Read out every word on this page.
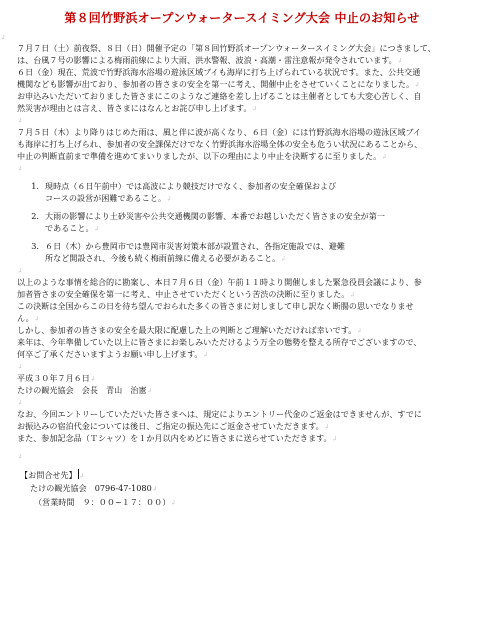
第８回竹野浜オープンウォータースイミング大会 中止のお知らせ
↲
７月７日（土）前夜祭、８日（日）開催予定の「第８回竹野浜オープンウォータースイミング大会」につきまして、
は、台風７号の影響による梅雨前線により大雨、洪水警報、波浪・高潮・雷注意報が発令されています。↲
６日（金）現在、荒波で竹野浜海水浴場の遊泳区域ブイも海岸に打ち上げられている状況です。また、公共交通
機関なども影響が出ており、参加者の皆さまの安全を第一に考え、開催中止をさせていくことになりました。↲
お申込みいただいておりました皆さまにこのようなご連絡を差し上げることは主催者としても大変心苦しく、自
然災害が理由とは言え、皆さまにはなんとお詫び申し上げます。↲
↲
７月５日（木）より降りはじめた雨は、風と伴に波が高くなり、６日（金）には竹野浜海水浴場の遊泳区域ブイ
も海岸に打ち上げられ、参加者の安全課保だけでなく竹野浜海水浴場全体の安全も危うい状況にあることから、
中止の判断直前まで準備を進めてまいりましたが、以下の理由により中止を決断するに至りました。↲
↲
1. 現時点（６日午前中）では高波により競技だけでなく、参加者の安全確保および
コースの設営が困難であること。↲
2. 大雨の影響により土砂災害や公共交通機関の影響、本番でお越しいただく皆さまの安全が第一
であること。↲
3. ６日（木）から豊岡市では豊岡市災害対策本部が設置され、各指定施設では、避難
所など開設され、今後も続く梅雨前線に備える必要があること。↲
↲
以上のような事情を総合的に勘案し、本日７月６日（金）午前１１時より開催しました緊急役員会議により、参
加者皆さまの安全確保を第一に考え、中止させていただくという苦渋の決断に至りました。↲
この決断は全国からこの日を待ち望んでおられた多くの皆さまに対しまして申し訳なく断腸の思いでなりませ
ん。↲
しかし、参加者の皆さまの安全を最大限に配慮した上の判断とご理解いただければ幸いです。↲
来年は、今年準備していた以上に皆さまにお楽しみいただけるよう万全の態勢を整える所存でございますので、
何卒ご了承くださいますようお願い申し上げます。↲
↲
平成３０年７月６日↲
たけの観光協会　会長　青山　治憲↲
↲
なお、今回エントリーしていただいた皆さまへは、規定によりエントリー代金のご返金はできませんが、すでに
お振込みの宿泊代金については後日、ご指定の振込先にご返金させていただきます。↲
また、参加記念品（Ｔシャツ）を１か月以内をめどに皆さまに送らせていただきます。↲
↲
【お問合せ先】 ↲
たけの観光協会　0796-47-1080↲
（営業時間　９：００~１７：００）↲
